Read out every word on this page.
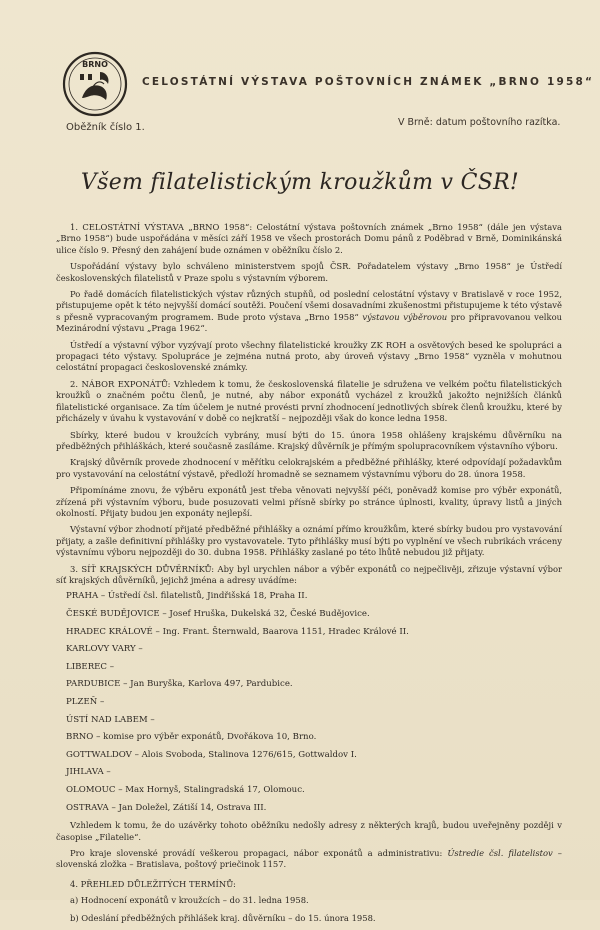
BRNO
CELOSTÁTNÍ VÝSTAVA POŠTOVNÍCH ZNÁMEK „BRNO 1958“
Oběžník číslo 1.	V Brně: datum poštovního razítka.
Všem filatelistickým kroužkům v ČSR!

1. CELOSTÁTNÍ VÝSTAVA „BRNO 1958“: Celostátní výstava poštovních známek „Brno 1958“ (dále jen výstava „Brno 1958“) bude uspořádána v měsíci září 1958 ve všech prostorách Domu pánů z Poděbrad v Brně, Dominikánská ulice číslo 9. Přesný den zahájení bude oznámen v oběžníku číslo 2.

Uspořádání výstavy bylo schváleno ministerstvem spojů ČSR. Pořadatelem výstavy „Brno 1958“ je Ústředí československých filatelistů v Praze spolu s výstavním výborem.

Po řadě domácích filatelistických výstav různých stupňů, od poslední celostátní výstavy v Bratislavě v roce 1952, přistupujeme opět k této nejvyšší domácí soutěži. Poučení všemi dosavadními zkušenostmi přistupujeme k této výstavě s přesně vypracovaným programem. Bude proto výstava „Brno 1958“ výstavou výběrovou pro připravovanou velkou Mezinárodní výstavu „Praga 1962“.

Ústředí a výstavní výbor vyzývají proto všechny filatelistické kroužky ZK ROH a osvětových besed ke spolupráci a propagaci této výstavy. Spolupráce je zejména nutná proto, aby úroveň výstavy „Brno 1958“ vyzněla v mohutnou celostátní propagaci československé známky.

2. NÁBOR EXPONÁTŮ: Vzhledem k tomu, že československá filatelie je sdružena ve velkém počtu filatelistických kroužků o značném počtu členů, je nutné, aby nábor exponátů vycházel z kroužků jakožto nejnižších článků filatelistické organisace. Za tím účelem je nutné provésti první zhodnocení jednotlivých sbírek členů kroužku, které by přicházely v úvahu k vystavování v době co nejkratší – nejpozději však do konce ledna 1958.

Sbírky, které budou v kroužcích vybrány, musí býti do 15. února 1958 ohlášeny krajskému důvěrníku na předběžných přihláškách, které současně zasíláme. Krajský důvěrník je přímým spolupracovníkem výstavního výboru.

Krajský důvěrník provede zhodnocení v měřítku celokrajském a předběžné přihlášky, které odpovídají požadavkům pro vystavování na celostátní výstavě, předloží hromadně se seznamem výstavnímu výboru do 28. února 1958.

Připomínáme znovu, že výběru exponátů jest třeba věnovati nejvyšší péči, poněvadž komise pro výběr exponátů, zřízená při výstavním výboru, bude posuzovati velmi přísně sbírky po stránce úplnosti, kvality, úpravy listů a jiných okolností. Přijaty budou jen exponáty nejlepší.

Výstavní výbor zhodnotí přijaté předběžné přihlášky a oznámí přímo kroužkům, které sbírky budou pro vystavování přijaty, a zašle definitivní přihlášky pro vystavovatele. Tyto přihlášky musí býti po vyplnění ve všech rubrikách vráceny výstavnímu výboru nejpozději do 30. dubna 1958. Přihlášky zaslané po této lhůtě nebudou již přijaty.

3. SÍŤ KRAJSKÝCH DŮVĚRNÍKŮ: Aby byl urychlen nábor a výběr exponátů co nejpečlivěji, zřizuje výstavní výbor síť krajských důvěrníků, jejichž jména a adresy uvádíme:

PRAHA – Ústředí čsl. filatelistů, Jindřišská 18, Praha II.
ČESKÉ BUDĚJOVICE – Josef Hruška, Dukelská 32, České Budějovice.
HRADEC KRÁLOVÉ – Ing. Frant. Šternwald, Baarova 1151, Hradec Králové II.
KARLOVY VARY –
LIBEREC –
PARDUBICE – Jan Buryška, Karlova 497, Pardubice.
PLZEŇ –
ÚSTÍ NAD LABEM –
BRNO – komise pro výběr exponátů, Dvořákova 10, Brno.
GOTTWALDOV – Alois Svoboda, Stalinova 1276/615, Gottwaldov I.
JIHLAVA –
OLOMOUC – Max Hornyš, Stalingradská 17, Olomouc.
OSTRAVA – Jan Doležel, Zátiší 14, Ostrava III.

Vzhledem k tomu, že do uzávěrky tohoto oběžníku nedošly adresy z některých krajů, budou uveřejněny později v časopise „Filatelie“.

Pro kraje slovenské provádí veškerou propagaci, nábor exponátů a administrativu: Ústredie čsl. filatelistov – slovenská zložka – Bratislava, poštový priečinok 1157.

4. PŘEHLED DŮLEŽITÝCH TERMÍNŮ:

a) Hodnocení exponátů v kroužcích – do 31. ledna 1958.
b) Odeslání předběžných přihlášek kraj. důvěrníku – do 15. února 1958.
